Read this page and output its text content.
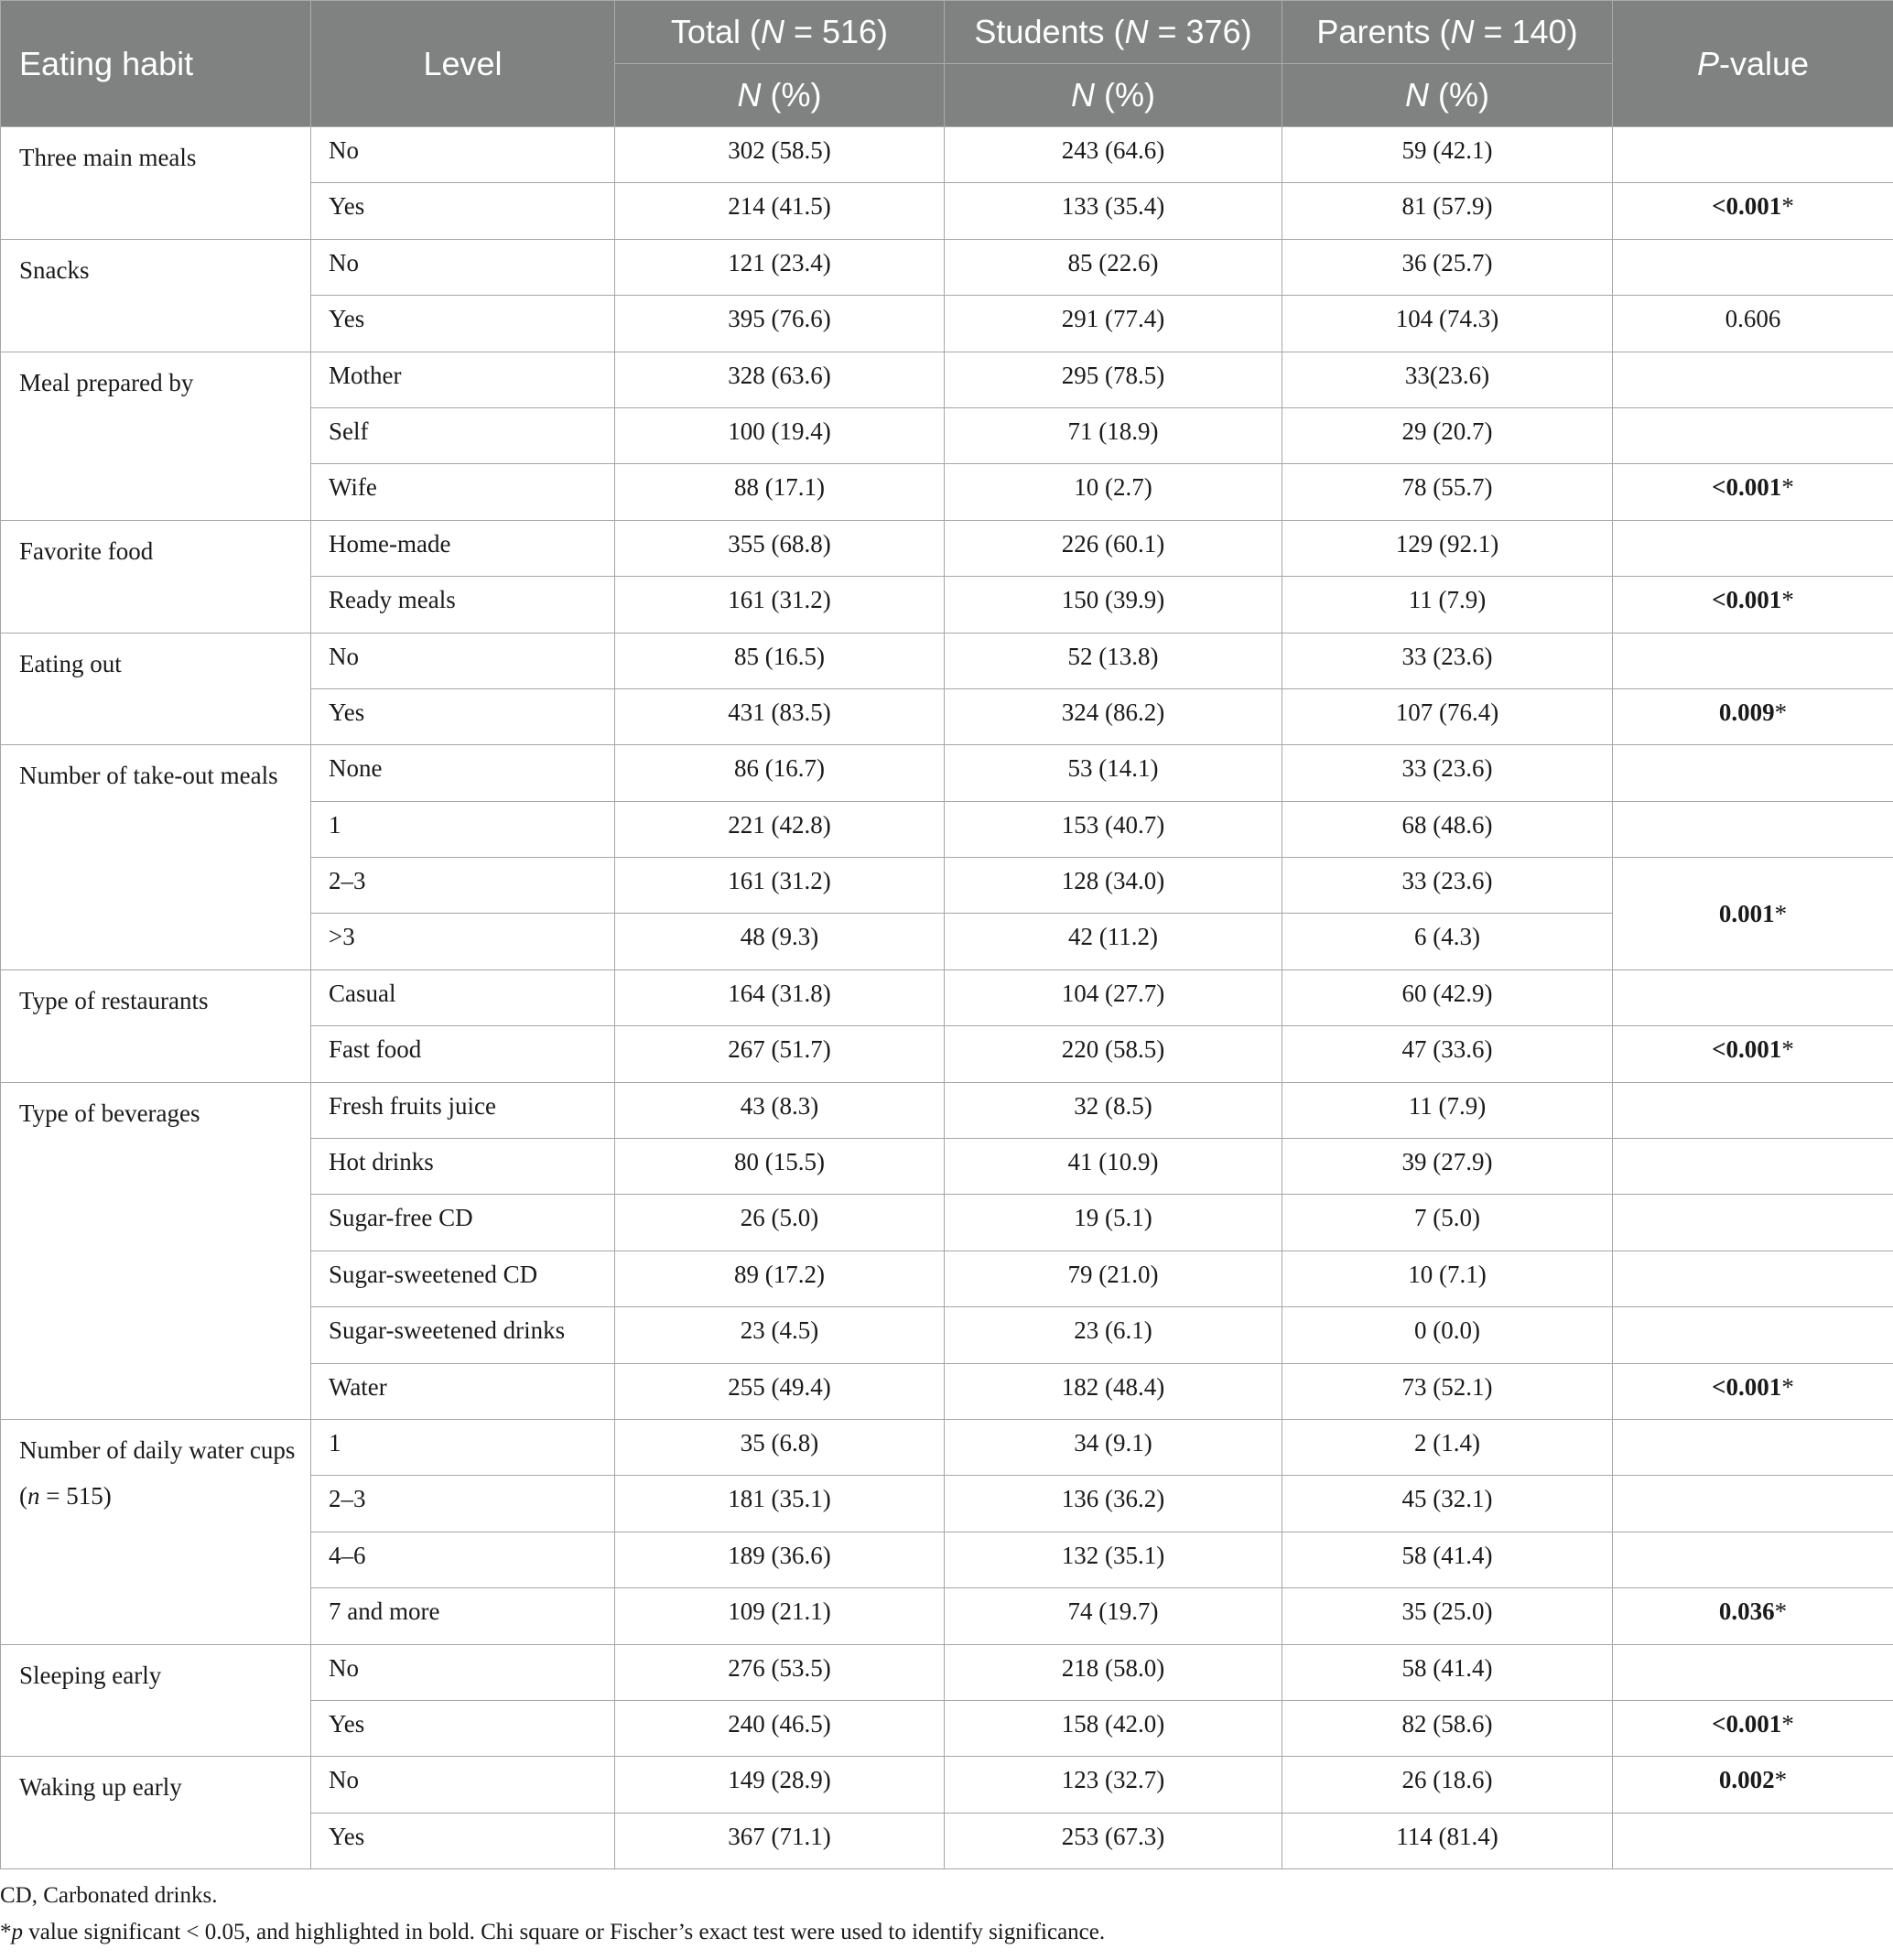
Eating habit	Level	Total (N = 516)	Students (N = 376)	Parents (N = 140)	P-value
		N (%)	N (%)	N (%)	
Three main meals	No	302 (58.5)	243 (64.6)	59 (42.1)	
	Yes	214 (41.5)	133 (35.4)	81 (57.9)	<0.001*
Snacks	No	121 (23.4)	85 (22.6)	36 (25.7)	
	Yes	395 (76.6)	291 (77.4)	104 (74.3)	0.606
Meal prepared by	Mother	328 (63.6)	295 (78.5)	33(23.6)	
	Self	100 (19.4)	71 (18.9)	29 (20.7)	
	Wife	88 (17.1)	10 (2.7)	78 (55.7)	<0.001*
Favorite food	Home-made	355 (68.8)	226 (60.1)	129 (92.1)	
	Ready meals	161 (31.2)	150 (39.9)	11 (7.9)	<0.001*
Eating out	No	85 (16.5)	52 (13.8)	33 (23.6)	
	Yes	431 (83.5)	324 (86.2)	107 (76.4)	0.009*
Number of take-out meals	None	86 (16.7)	53 (14.1)	33 (23.6)	
	1	221 (42.8)	153 (40.7)	68 (48.6)	
	2–3	161 (31.2)	128 (34.0)	33 (23.6)	0.001*
	>3	48 (9.3)	42 (11.2)	6 (4.3)	
Type of restaurants	Casual	164 (31.8)	104 (27.7)	60 (42.9)	
	Fast food	267 (51.7)	220 (58.5)	47 (33.6)	<0.001*
Type of beverages	Fresh fruits juice	43 (8.3)	32 (8.5)	11 (7.9)	
	Hot drinks	80 (15.5)	41 (10.9)	39 (27.9)	
	Sugar-free CD	26 (5.0)	19 (5.1)	7 (5.0)	
	Sugar-sweetened CD	89 (17.2)	79 (21.0)	10 (7.1)	
	Sugar-sweetened drinks	23 (4.5)	23 (6.1)	0 (0.0)	
	Water	255 (49.4)	182 (48.4)	73 (52.1)	<0.001*
Number of daily water cups (n = 515)	1	35 (6.8)	34 (9.1)	2 (1.4)	
	2–3	181 (35.1)	136 (36.2)	45 (32.1)	
	4–6	189 (36.6)	132 (35.1)	58 (41.4)	
	7 and more	109 (21.1)	74 (19.7)	35 (25.0)	0.036*
Sleeping early	No	276 (53.5)	218 (58.0)	58 (41.4)	
	Yes	240 (46.5)	158 (42.0)	82 (58.6)	<0.001*
Waking up early	No	149 (28.9)	123 (32.7)	26 (18.6)	0.002*
	Yes	367 (71.1)	253 (67.3)	114 (81.4)	
CD, Carbonated drinks.
*p value significant < 0.05, and highlighted in bold. Chi square or Fischer’s exact test were used to identify significance.
